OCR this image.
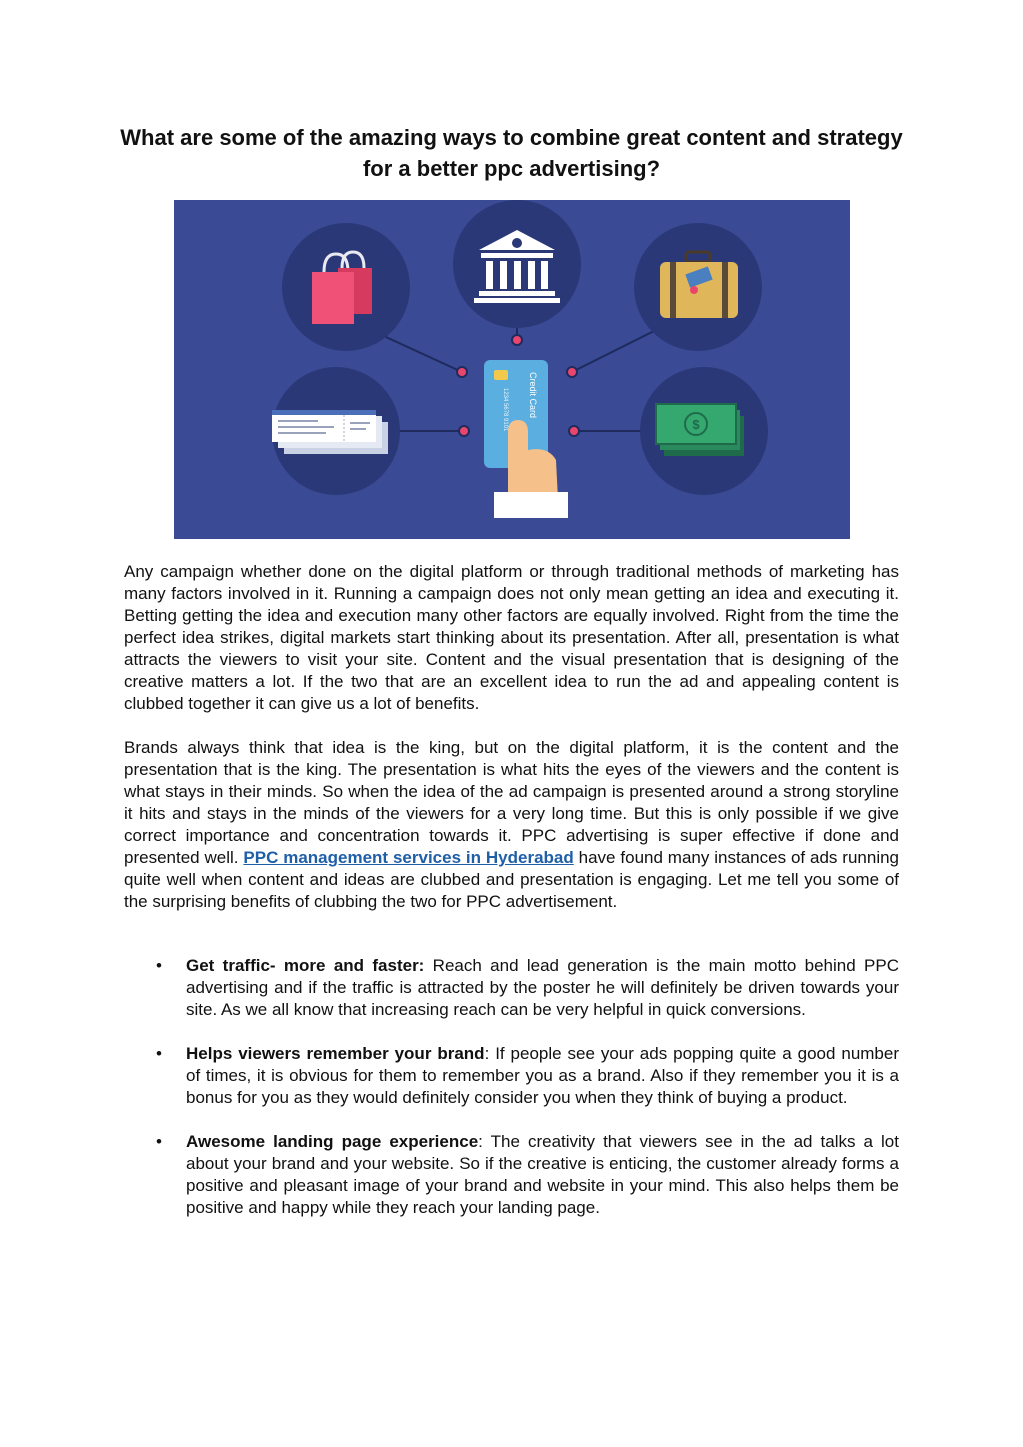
What are some of the amazing ways to combine great content and strategy for a better ppc advertising?
$
Credit Card
1234 5678 9101

Any campaign whether done on the digital platform or through traditional methods of marketing has many factors involved in it. Running a campaign does not only mean getting an idea and executing it. Betting getting the idea and execution many other factors are equally involved. Right from the time the perfect idea strikes, digital markets start thinking about its presentation. After all, presentation is what attracts the viewers to visit your site. Content and the visual presentation that is designing of the creative matters a lot. If the two that are an excellent idea to run the ad and appealing content is clubbed together it can give us a lot of benefits.

Brands always think that idea is the king, but on the digital platform, it is the content and the presentation that is the king. The presentation is what hits the eyes of the viewers and the content is what stays in their minds. So when the idea of the ad campaign is presented around a strong storyline it hits and stays in the minds of the viewers for a very long time. But this is only possible if we give correct importance and concentration towards it. PPC advertising is super effective if done and presented well. PPC management services in Hyderabad have found many instances of ads running quite well when content and ideas are clubbed and presentation is engaging. Let me tell you some of the surprising benefits of clubbing the two for PPC advertisement.

• Get traffic- more and faster: Reach and lead generation is the main motto behind PPC advertising and if the traffic is attracted by the poster he will definitely be driven towards your site. As we all know that increasing reach can be very helpful in quick conversions.
• Helps viewers remember your brand: If people see your ads popping quite a good number of times, it is obvious for them to remember you as a brand. Also if they remember you it is a bonus for you as they would definitely consider you when they think of buying a product.
• Awesome landing page experience: The creativity that viewers see in the ad talks a lot about your brand and your website. So if the creative is enticing, the customer already forms a positive and pleasant image of your brand and website in your mind. This also helps them be positive and happy while they reach your landing page.
